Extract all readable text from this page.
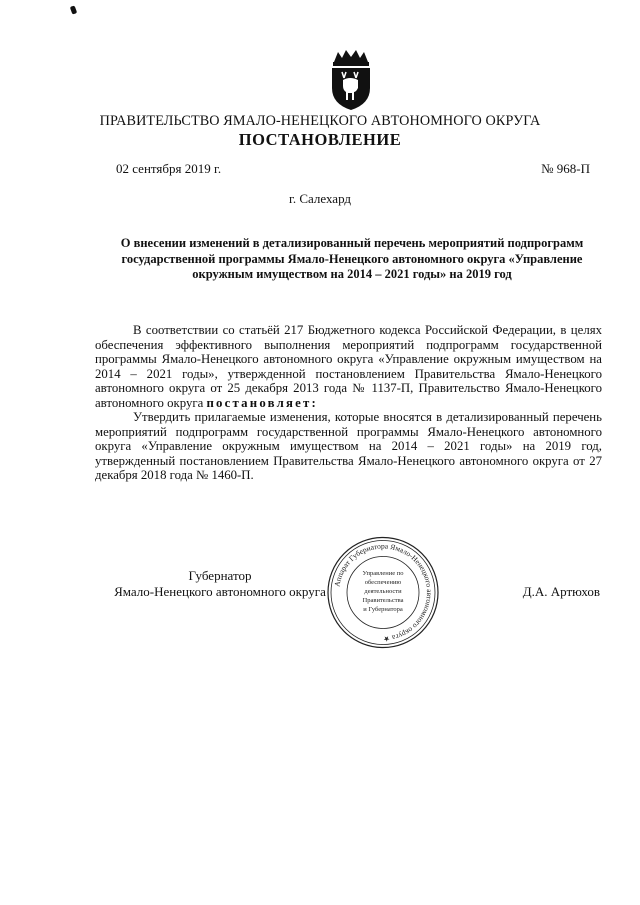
ПРАВИТЕЛЬСТВО ЯМАЛО-НЕНЕЦКОГО АВТОНОМНОГО ОКРУГА
ПОСТАНОВЛЕНИЕ
02 сентября 2019 г.	№ 968-П
г. Салехард
О внесении изменений в детализированный перечень мероприятий подпрограмм государственной программы Ямало-Ненецкого автономного округа «Управление окружным имуществом на 2014 – 2021 годы» на 2019 год
В соответствии со статьёй 217 Бюджетного кодекса Российской Федерации, в целях обеспечения эффективного выполнения мероприятий подпрограмм государственной программы Ямало-Ненецкого автономного округа «Управление окружным имуществом на 2014 – 2021 годы», утвержденной постановлением Правительства Ямало-Ненецкого автономного округа от 25 декабря 2013 года № 1137-П, Правительство Ямало-Ненецкого автономного округа постановляет:
Утвердить прилагаемые изменения, которые вносятся в детализированный перечень мероприятий подпрограмм государственной программы Ямало-Ненецкого автономного округа «Управление окружным имуществом на 2014 – 2021 годы» на 2019 год, утвержденный постановлением Правительства Ямало-Ненецкого автономного округа от 27 декабря 2018 года № 1460-П.
Губернатор
Ямало-Ненецкого автономного округа	Д.А. Артюхов
Аппарат Губернатора Ямало-Ненецкого автономного округа ★
Управление по
обеспечению
деятельности
Правительства
и Губернатора
